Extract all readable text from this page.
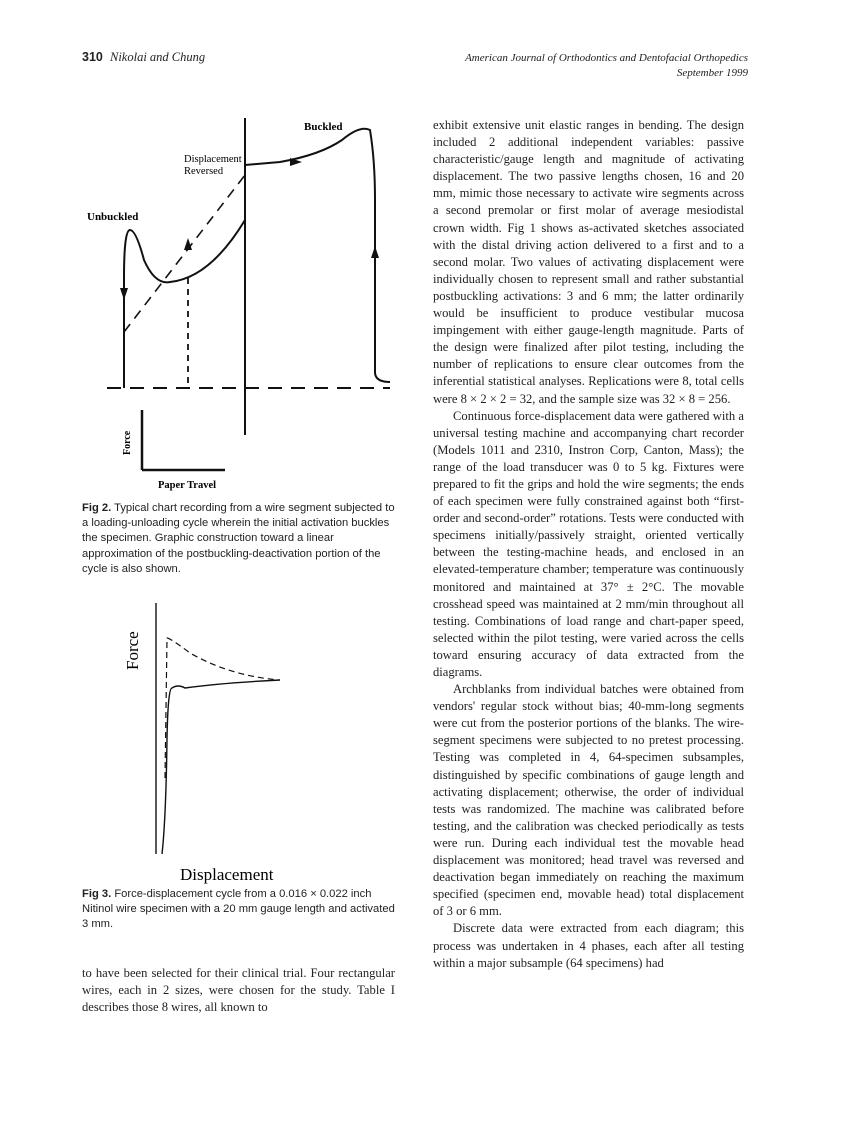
310 Nikolai and Chung	American Journal of Orthodontics and Dentofacial Orthopedics
September 1999
Buckled
Displacement
Reversed
Unbuckled
Force
Paper Travel
Fig 2. Typical chart recording from a wire segment subjected to a loading-unloading cycle wherein the initial activation buckles the specimen. Graphic construction toward a linear approximation of the postbuckling-deactivation portion of the cycle is also shown.
Force
Displacement
Fig 3. Force-displacement cycle from a 0.016 × 0.022 inch Nitinol wire specimen with a 20 mm gauge length and activated 3 mm.
to have been selected for their clinical trial. Four rectangular wires, each in 2 sizes, were chosen for the study. Table I describes those 8 wires, all known to

exhibit extensive unit elastic ranges in bending. The design included 2 additional independent variables: passive characteristic/gauge length and magnitude of activating displacement. The two passive lengths chosen, 16 and 20 mm, mimic those necessary to activate wire segments across a second premolar or first molar of average mesiodistal crown width. Fig 1 shows as-activated sketches associated with the distal driving action delivered to a first and to a second molar. Two values of activating displacement were individually chosen to represent small and rather substantial postbuckling activations: 3 and 6 mm; the latter ordinarily would be insufficient to produce vestibular mucosa impingement with either gauge-length magnitude. Parts of the design were finalized after pilot testing, including the number of replications to ensure clear outcomes from the inferential statistical analyses. Replications were 8, total cells were 8 × 2 × 2 = 32, and the sample size was 32 × 8 = 256.

Continuous force-displacement data were gathered with a universal testing machine and accompanying chart recorder (Models 1011 and 2310, Instron Corp, Canton, Mass); the range of the load transducer was 0 to 5 kg. Fixtures were prepared to fit the grips and hold the wire segments; the ends of each specimen were fully constrained against both “first-order and second-order” rotations. Tests were conducted with specimens initially/passively straight, oriented vertically between the testing-machine heads, and enclosed in an elevated-temperature chamber; temperature was continuously monitored and maintained at 37° ± 2°C. The movable crosshead speed was maintained at 2 mm/min throughout all testing. Combinations of load range and chart-paper speed, selected within the pilot testing, were varied across the cells toward ensuring accuracy of data extracted from the diagrams.

Archblanks from individual batches were obtained from vendors' regular stock without bias; 40-mm-long segments were cut from the posterior portions of the blanks. The wire-segment specimens were subjected to no pretest processing. Testing was completed in 4, 64-specimen subsamples, distinguished by specific combinations of gauge length and activating displacement; otherwise, the order of individual tests was randomized. The machine was calibrated before testing, and the calibration was checked periodically as tests were run. During each individual test the movable head displacement was monitored; head travel was reversed and deactivation began immediately on reaching the maximum specified (specimen end, movable head) total displacement of 3 or 6 mm.

Discrete data were extracted from each diagram; this process was undertaken in 4 phases, each after all testing within a major subsample (64 specimens) had
